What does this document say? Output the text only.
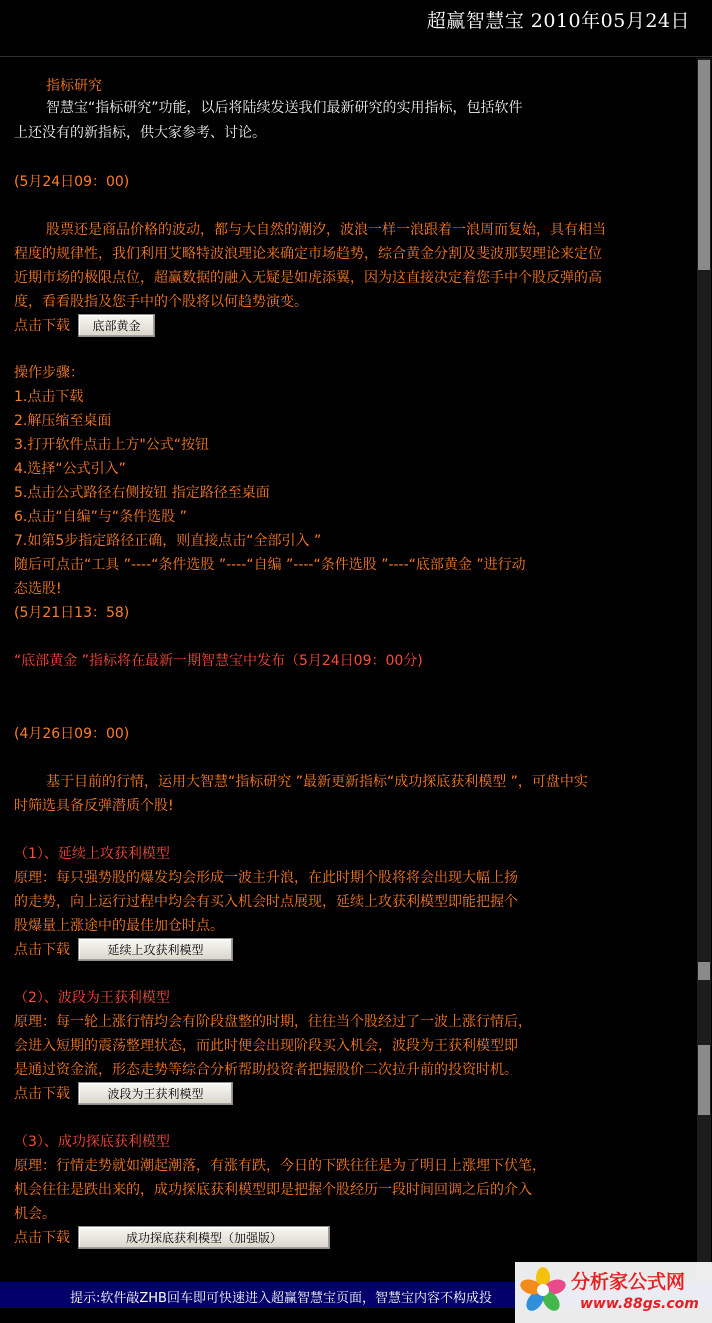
超赢智慧宝 2010年05月24日
指标研究
智慧宝“指标研究”功能，以后将陆续发送我们最新研究的实用指标，包括软件
上还没有的新指标，供大家参考、讨论。
(5月24日09：00)
股票还是商品价格的波动，都与大自然的潮汐，波浪一样一浪跟着一浪周而复始，具有相当
程度的规律性，我们利用艾略特波浪理论来确定市场趋势，综合黄金分割及斐波那契理论来定位
近期市场的极限点位，超赢数据的融入无疑是如虎添翼，因为这直接决定着您手中个股反弹的高
度，看看股指及您手中的个股将以何趋势演变。
点击下载	底部黄金
操作步骤：
1.点击下载
2.解压缩至桌面
3.打开软件点击上方"公式“按钮
4.选择“公式引入”
5.点击公式路径右侧按钮 指定路径至桌面
6.点击“自编”与“条件选股 ”
7.如第5步指定路径正确，则直接点击“全部引入 ”
随后可点击“工具 ”----“条件选股 ”----“自编 ”----“条件选股 ”----“底部黄金 ”进行动
态选股!
(5月21日13：58)
“底部黄金 ”指标将在最新一期智慧宝中发布（5月24日09：00分)
(4月26日09：00)
基于目前的行情，运用大智慧“指标研究 ”最新更新指标“成功探底获利模型 ”，可盘中实
时筛选具备反弹潜质个股!
（1）、延续上攻获利模型
原理：每只强势股的爆发均会形成一波主升浪，在此时期个股将将会出现大幅上扬
的走势，向上运行过程中均会有买入机会时点展现，延续上攻获利模型即能把握个
股爆量上涨途中的最佳加仓时点。
点击下载	延续上攻获利模型
（2）、波段为王获利模型
原理：每一轮上涨行情均会有阶段盘整的时期，往往当个股经过了一波上涨行情后，
会进入短期的震荡整理状态，而此时便会出现阶段买入机会，波段为王获利模型即
是通过资金流，形态走势等综合分析帮助投资者把握股价二次拉升前的投资时机。
点击下载	波段为王获利模型
（3）、成功探底获利模型
原理：行情走势就如潮起潮落，有涨有跌，今日的下跌往往是为了明日上涨埋下伏笔，
机会往往是跌出来的，成功探底获利模型即是把握个股经历一段时间回调之后的介入
机会。
点击下载	成功探底获利模型（加强版）
提示:软件敲ZHB回车即可快速进入超赢智慧宝页面，智慧宝内容不构成投
分析家公式网
www.88gs.com
